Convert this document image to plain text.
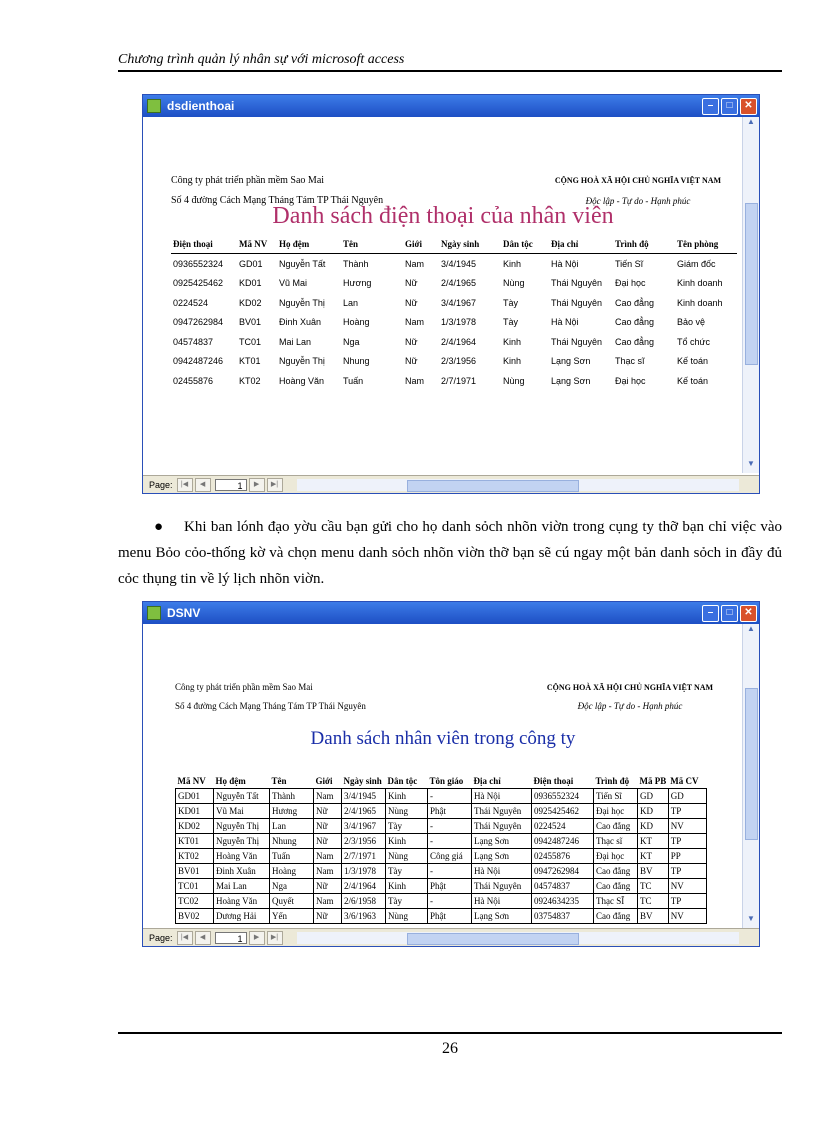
Chương trình quản lý nhân sự với microsoft access
dsdienthoai	–	□	✕
Công ty phát triển phần mềm Sao Mai
Số 4 đường Cách Mạng Tháng Tám TP Thái Nguyên
CỘNG HOÀ XÃ HỘI CHỦ NGHĨA VIỆT NAM
Độc lập - Tự do - Hạnh phúc
Danh sách điện thoại của nhân viên
Điện thoại	Mã NV	Họ đệm	Tên	Giới	Ngày sinh	Dân tộc	Địa chỉ	Trình độ	Tên phòng
0936552324	GD01	Nguyễn Tất	Thành	Nam	3/4/1945	Kinh	Hà Nội	Tiến Sĩ	Giám đốc
0925425462	KD01	Vũ Mai	Hương	Nữ	2/4/1965	Nùng	Thái Nguyên	Đại học	Kinh doanh
0224524	KD02	Nguyễn Thị	Lan	Nữ	3/4/1967	Tày	Thái Nguyên	Cao đẳng	Kinh doanh
0947262984	BV01	Đinh Xuân	Hoàng	Nam	1/3/1978	Tày	Hà Nội	Cao đẳng	Bảo vệ
04574837	TC01	Mai Lan	Nga	Nữ	2/4/1964	Kinh	Thái Nguyên	Cao đẳng	Tổ chức
0942487246	KT01	Nguyễn Thị	Nhung	Nữ	2/3/1956	Kinh	Lạng Sơn	Thạc sĩ	Kế toán
02455876	KT02	Hoàng Văn	Tuấn	Nam	2/7/1971	Nùng	Lạng Sơn	Đại học	Kế toán
▲
▼
Page:	|◀	◀	1	▶	▶|
● Khi ban lónh đạo yờu cầu bạn gửi cho họ danh sỏch nhõn viờn trong cụng ty thỡ bạn chỉ việc vào menu Bỏo cỏo-thống kờ và chọn menu danh sỏch nhõn viờn thỡ bạn sẽ cú ngay một bản danh sỏch in đầy đủ cỏc thụng tin về lý lịch nhõn viờn.
DSNV	–	□	✕
Công ty phát triển phần mềm Sao Mai
Số 4 đường Cách Mạng Tháng Tám TP Thái Nguyên
CỘNG HOÀ XÃ HỘI CHỦ NGHĨA VIỆT NAM
Độc lập - Tự do - Hạnh phúc
Danh sách nhân viên trong công ty
Mã NV	Họ đệm	Tên	Giới	Ngày sinh	Dân tộc	Tôn giáo	Địa chỉ	Điện thoại	Trình độ	Mã PB	Mã CV
GD01	Nguyễn Tất	Thành	Nam	3/4/1945	Kinh	-	Hà Nội	0936552324	Tiến Sĩ	GD	GD
KD01	Vũ Mai	Hương	Nữ	2/4/1965	Nùng	Phật	Thái Nguyên	0925425462	Đại học	KD	TP
KD02	Nguyễn Thị	Lan	Nữ	3/4/1967	Tày	-	Thái Nguyên	0224524	Cao đẳng	KD	NV
KT01	Nguyễn Thị	Nhung	Nữ	2/3/1956	Kinh	-	Lạng Sơn	0942487246	Thạc sĩ	KT	TP
KT02	Hoàng Văn	Tuấn	Nam	2/7/1971	Nùng	Công giá	Lạng Sơn	02455876	Đại học	KT	PP
BV01	Đinh Xuân	Hoàng	Nam	1/3/1978	Tày	-	Hà Nội	0947262984	Cao đẳng	BV	TP
TC01	Mai Lan	Nga	Nữ	2/4/1964	Kinh	Phật	Thái Nguyên	04574837	Cao đẳng	TC	NV
TC02	Hoàng Văn	Quyết	Nam	2/6/1958	Tày	-	Hà Nội	0924634235	Thạc SĨ	TC	TP
BV02	Dương Hải	Yến	Nữ	3/6/1963	Nùng	Phật	Lạng Sơn	03754837	Cao đẳng	BV	NV
▲
▼
Page:	|◀	◀	1	▶	▶|
26
